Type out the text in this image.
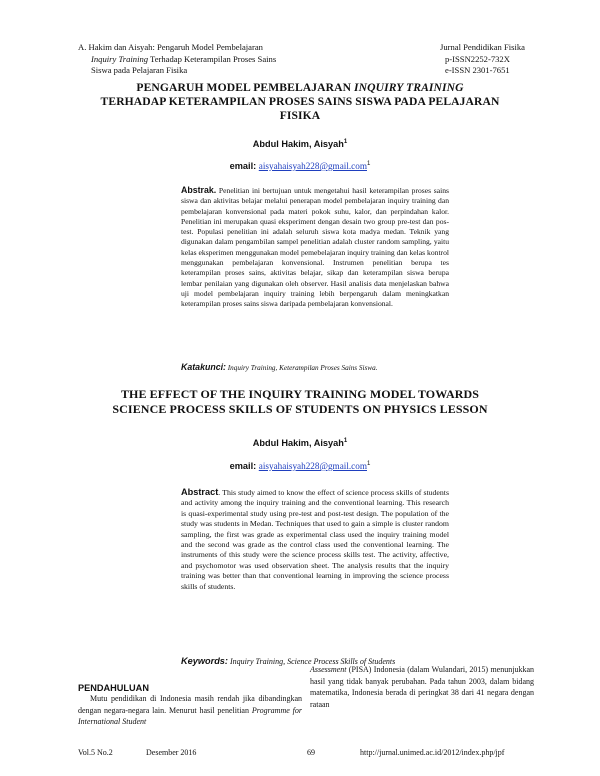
A. Hakim dan Aisyah: Pengaruh Model Pembelajaran
Inquiry Training Terhadap Keterampilan Proses Sains
Siswa pada Pelajaran Fisika
Jurnal Pendidikan Fisika
p-ISSN2252-732X
e-ISSN 2301-7651
PENGARUH MODEL PEMBELAJARAN INQUIRY TRAINING
TERHADAP KETERAMPILAN PROSES SAINS SISWA PADA PELAJARAN FISIKA
Abdul Hakim, Aisyah$^1$
email: aisyahaisyah228@gmail.com$^1$
Abstrak. Penelitian ini bertujuan untuk mengetahui hasil keterampilan proses sains siswa dan aktivitas belajar melalui penerapan model pembelajaran inquiry training dan pembelajaran konvensional pada materi pokok suhu, kalor, dan perpindahan kalor. Penelitian ini merupakan quasi eksperiment dengan desain two group pre-test dan pos-test. Populasi penelitian ini adalah seluruh siswa kota madya medan. Teknik yang digunakan dalam pengambilan sampel penelitian adalah cluster random sampling, yaitu kelas eksperimen menggunakan model pemebelajaran inquiry training dan kelas kontrol menggunakan pembelajaran konvensional. Instrumen penelitian berupa tes keterampilan proses sains, aktivitas belajar, sikap dan keterampilan siswa berupa lembar penilaian yang digunakan oleh observer. Hasil analisis data menjelaskan bahwa uji model pembelajaran inquiry training lebih berpengaruh dalam meningkatkan keterampilan proses sains siswa daripada pembelajaran konvensional.
Katakunci: Inquiry Training, Keterampilan Proses Sains Siswa.
THE EFFECT OF THE INQUIRY TRAINING MODEL TOWARDS SCIENCE PROCESS SKILLS OF STUDENTS ON PHYSICS LESSON
Abdul Hakim, Aisyah$^1$
email: aisyahaisyah228@gmail.com$^1$
Abstract. This study aimed to know the effect of science process skills of students and activity among the inquiry training and the conventional learning. This research is quasi-experimental study using pre-test and post-test design. The population of the study was students in Medan. Techniques that used to gain a simple is cluster random sampling, the first was grade as experimental class used the inquiry training model and the second was grade as the control class used the conventional learning. The instruments of this study were the science process skills test. The activity, affective, and psychomotor was used observation sheet. The analysis results that the inquiry training was better than that conventional learning in improving the science process skills of students.
Keywords: Inquiry Training, Science Process Skills of Students
PENDAHULUAN
Mutu pendidikan di Indonesia masih rendah jika dibandingkan dengan negara-negara lain. Menurut hasil penelitian Programme for International Student
Assessment (PISA) Indonesia (dalam Wulandari, 2015) menunjukkan hasil yang tidak banyak perubahan. Pada tahun 2003, dalam bidang matematika, Indonesia berada di peringkat 38 dari 41 negara dengan rataan
Vol.5 No.2	Desember 2016	69	http://jurnal.unimed.ac.id/2012/index.php/jpf
